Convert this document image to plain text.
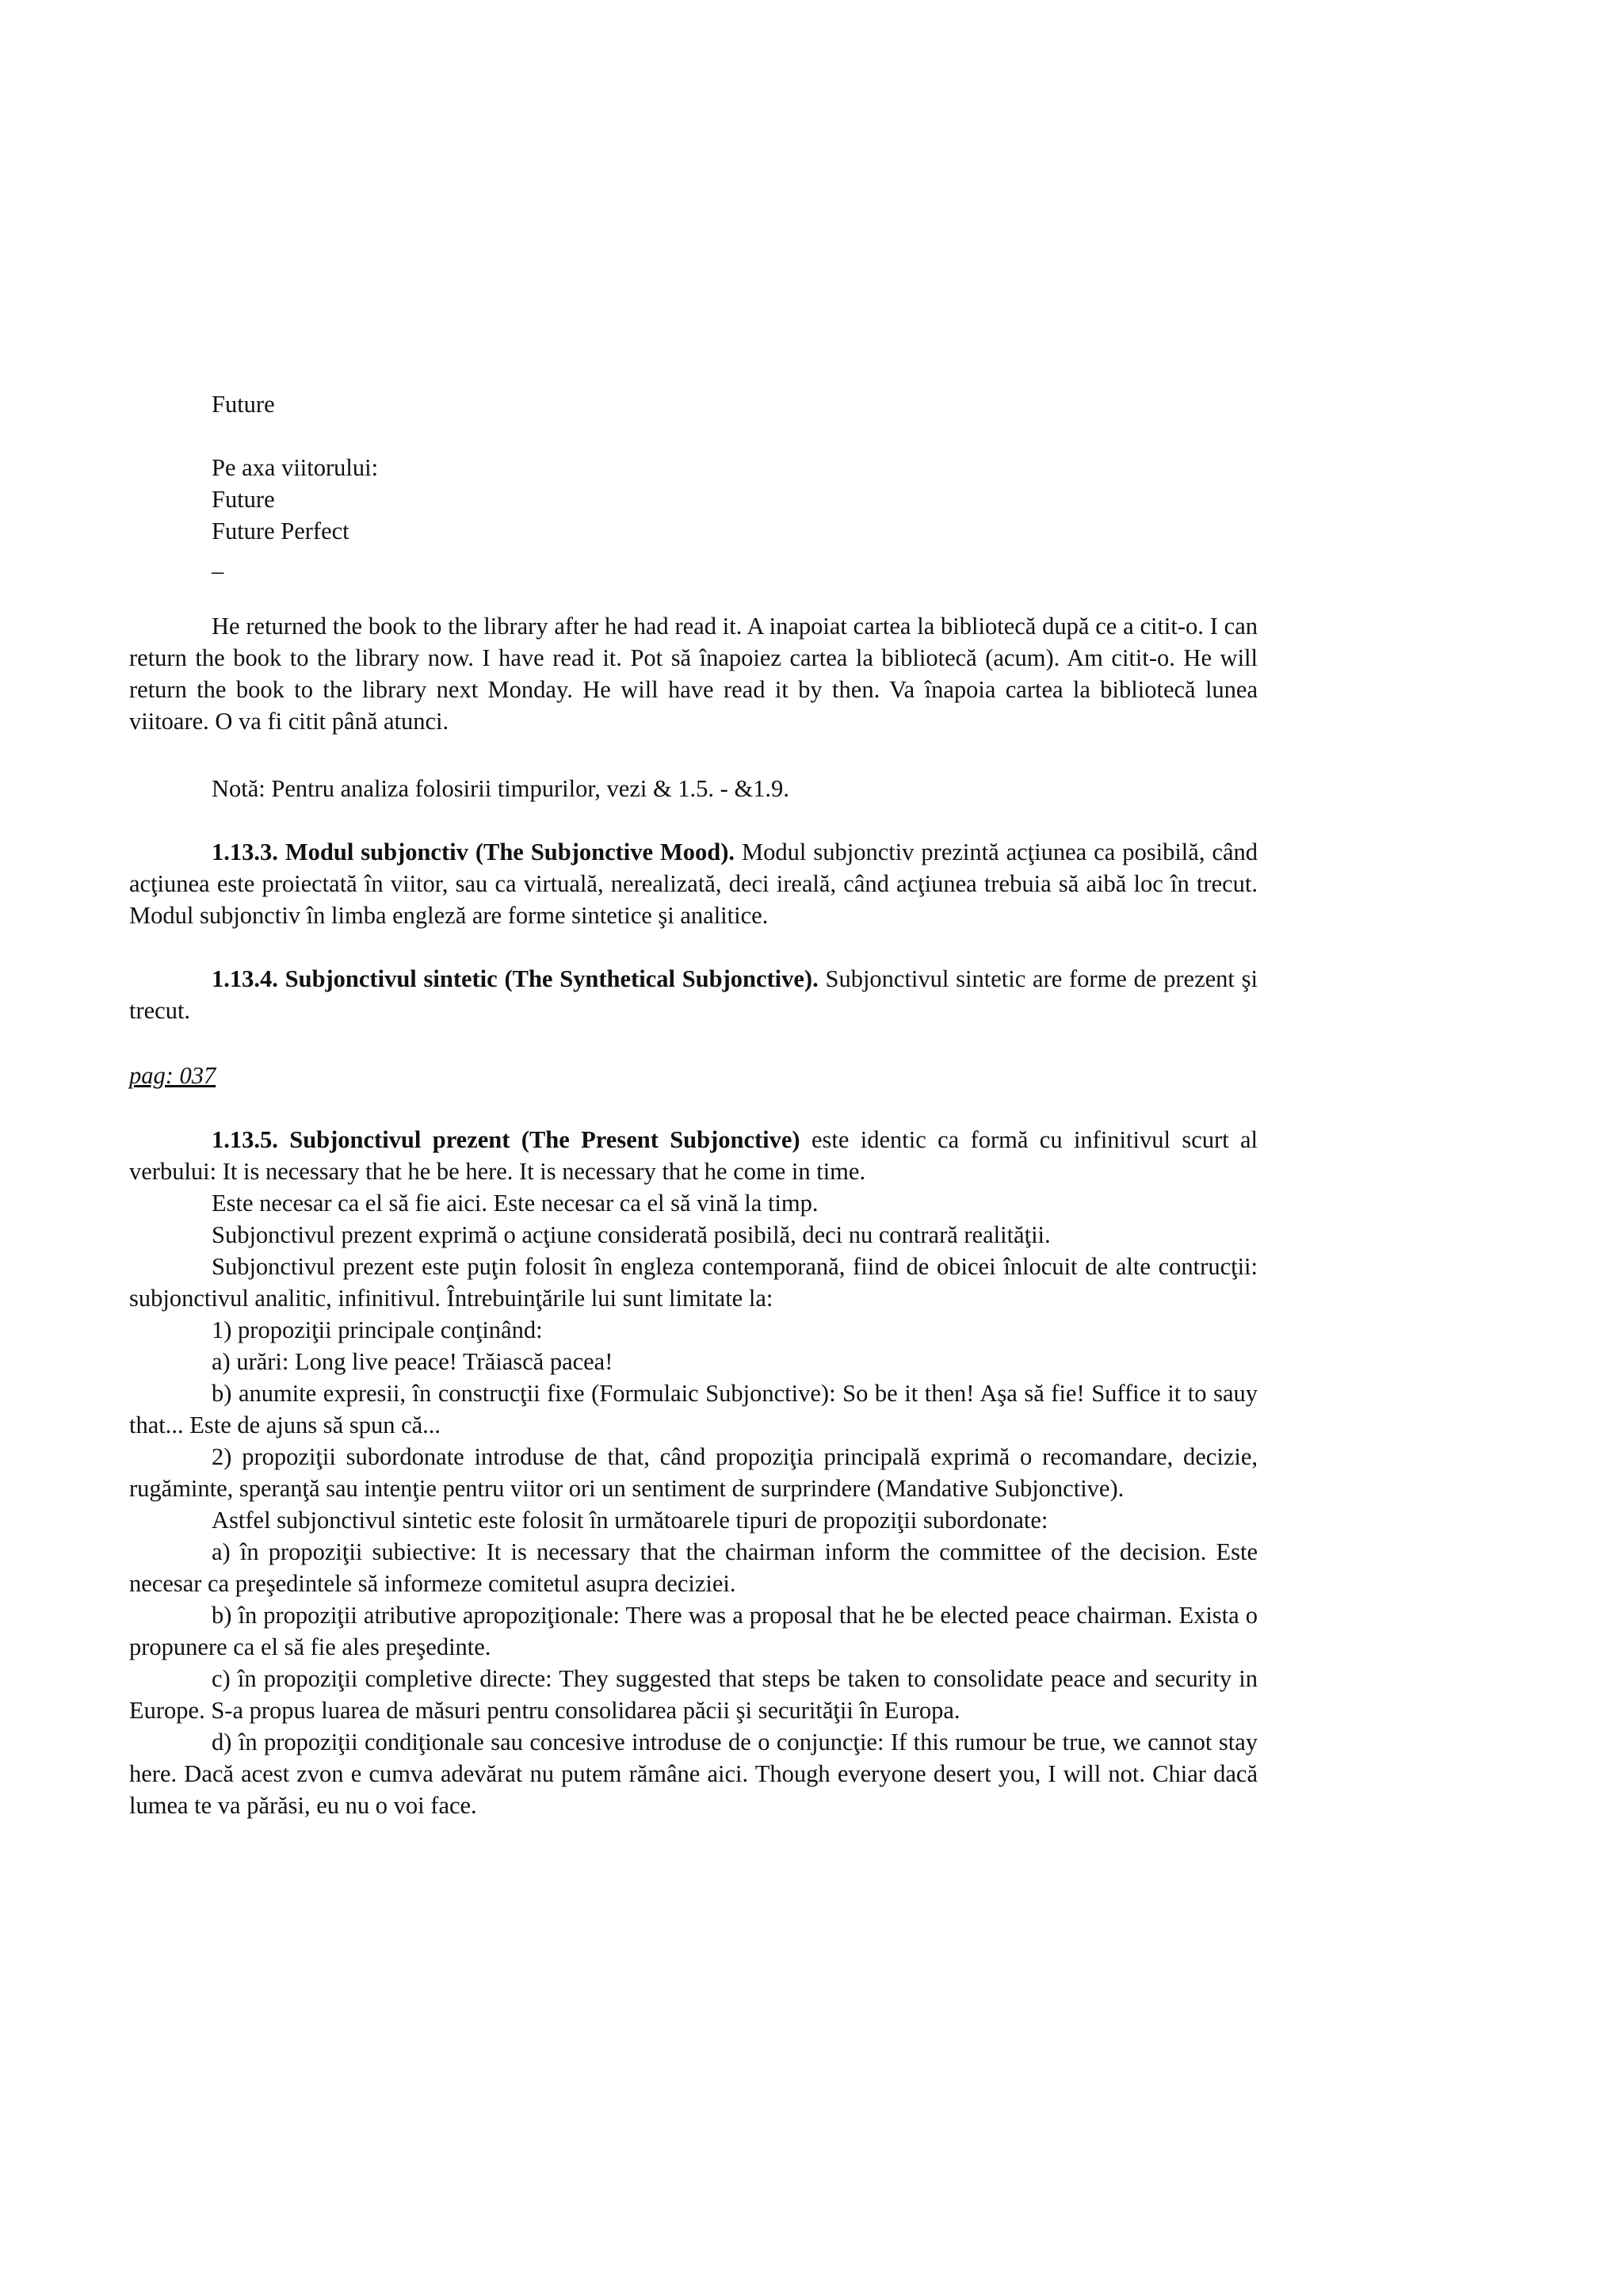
Future
Pe axa viitorului:
Future
Future Perfect
_

He returned the book to the library after he had read it. A inapoiat cartea la bibliotecă după ce a citit-o. I can return the book to the library now. I have read it. Pot să înapoiez cartea la bibliotecă (acum). Am citit-o. He will return the book to the library next Monday. He will have read it by then. Va înapoia cartea la bibliotecă lunea viitoare. O va fi citit până atunci.

Notă: Pentru analiza folosirii timpurilor, vezi & 1.5. - &1.9.

1.13.3. Modul subjonctiv (The Subjonctive Mood). Modul subjonctiv prezintă acţiunea ca posibilă, când acţiunea este proiectată în viitor, sau ca virtuală, nerealizată, deci ireală, când acţiunea trebuia să aibă loc în trecut. Modul subjonctiv în limba engleză are forme sintetice şi analitice.

1.13.4. Subjonctivul sintetic (The Synthetical Subjonctive). Subjonctivul sintetic are forme de prezent şi trecut.

pag: 037

1.13.5. Subjonctivul prezent (The Present Subjonctive) este identic ca formă cu infinitivul scurt al verbului: It is necessary that he be here. It is necessary that he come in time.

Este necesar ca el să fie aici. Este necesar ca el să vină la timp.

Subjonctivul prezent exprimă o acţiune considerată posibilă, deci nu contrară realităţii.

Subjonctivul prezent este puţin folosit în engleza contemporană, fiind de obicei înlocuit de alte contrucţii: subjonctivul analitic, infinitivul. Întrebuinţările lui sunt limitate la:

1) propoziţii principale conţinând:

a) urări: Long live peace! Trăiască pacea!

b) anumite expresii, în construcţii fixe (Formulaic Subjonctive): So be it then! Aşa să fie! Suffice it to sauy that... Este de ajuns să spun că...

2) propoziţii subordonate introduse de that, când propoziţia principală exprimă o recomandare, decizie, rugăminte, speranţă sau intenţie pentru viitor ori un sentiment de surprindere (Mandative Subjonctive).

Astfel subjonctivul sintetic este folosit în următoarele tipuri de propoziţii subordonate:

a) în propoziţii subiective: It is necessary that the chairman inform the committee of the decision. Este necesar ca preşedintele să informeze comitetul asupra deciziei.

b) în propoziţii atributive apropoziţionale: There was a proposal that he be elected peace chairman. Exista o propunere ca el să fie ales preşedinte.

c) în propoziţii completive directe: They suggested that steps be taken to consolidate peace and security in Europe. S-a propus luarea de măsuri pentru consolidarea păcii şi securităţii în Europa.

d) în propoziţii condiţionale sau concesive introduse de o conjuncţie: If this rumour be true, we cannot stay here. Dacă acest zvon e cumva adevărat nu putem rămâne aici. Though everyone desert you, I will not. Chiar dacă lumea te va părăsi, eu nu o voi face.
